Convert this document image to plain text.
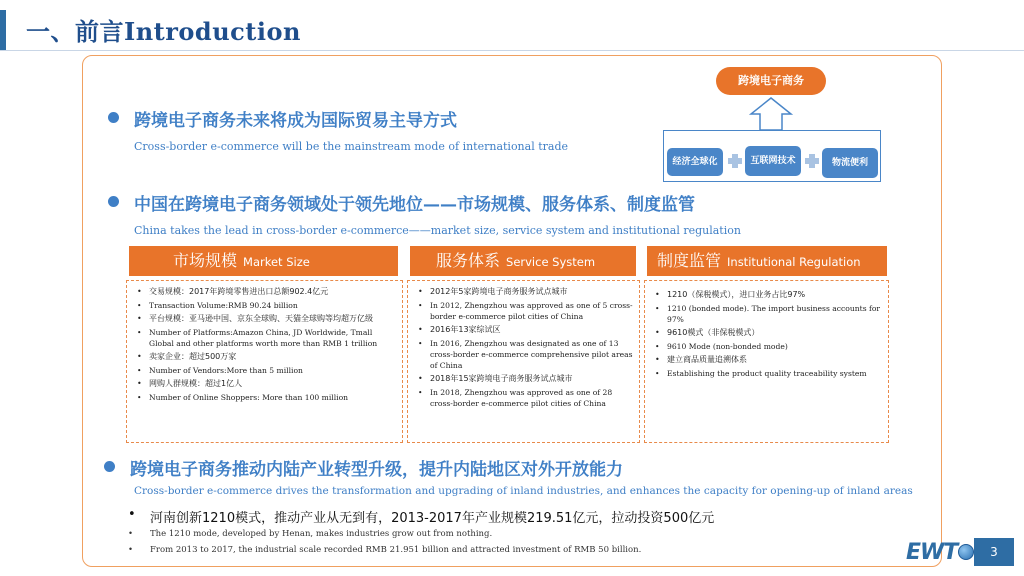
一、前言Introduction
跨境电子商务
经济全球化	互联网技术	物流便利
跨境电子商务未来将成为国际贸易主导方式
Cross-border e-commerce will be the mainstream mode of international trade
中国在跨境电子商务领域处于领先地位——市场规模、服务体系、制度监管
China takes the lead in cross-border e-commerce——market size, service system and institutional regulation
市场规模 Market Size	服务体系 Service System	制度监管 Institutional Regulation
• 交易规模：2017年跨境零售进出口总额902.4亿元
• Transaction Volume:RMB 90.24 billion
• 平台规模：亚马逊中国、京东全球购、天猫全球购等均超万亿级
• Number of Platforms:Amazon China, JD Worldwide, Tmall Global and other platforms worth more than RMB 1 trillion
• 卖家企业：超过500万家
• Number of Vendors:More than 5 million
• 网购人群规模：超过1亿人
• Number of Online Shoppers: More than 100 million
• 2012年5家跨境电子商务服务试点城市
• In 2012, Zhengzhou was approved as one of 5 cross-border e-commerce pilot cities of China
• 2016年13家综试区
• In 2016, Zhengzhou was designated as one of 13 cross-border e-commerce comprehensive pilot areas of China
• 2018年15家跨境电子商务服务试点城市
• In 2018, Zhengzhou was approved as one of 28 cross-border e-commerce pilot cities of China
• 1210（保税模式），进口业务占比97%
• 1210 (bonded mode). The import business accounts for 97%
• 9610模式（非保税模式）
• 9610 Mode (non-bonded mode)
• 建立商品质量追溯体系
• Establishing the product quality traceability system
跨境电子商务推动内陆产业转型升级，提升内陆地区对外开放能力
Cross-border e-commerce drives the transformation and upgrading of inland industries, and enhances the capacity for opening-up of inland areas
• 河南创新1210模式，推动产业从无到有，2013-2017年产业规模219.51亿元，拉动投资500亿元
• The 1210 mode, developed by Henan, makes industries grow out from nothing.
• From 2013 to 2017, the industrial scale recorded RMB 21.951 billion and attracted investment of RMB 50 billion.	EWT	3
